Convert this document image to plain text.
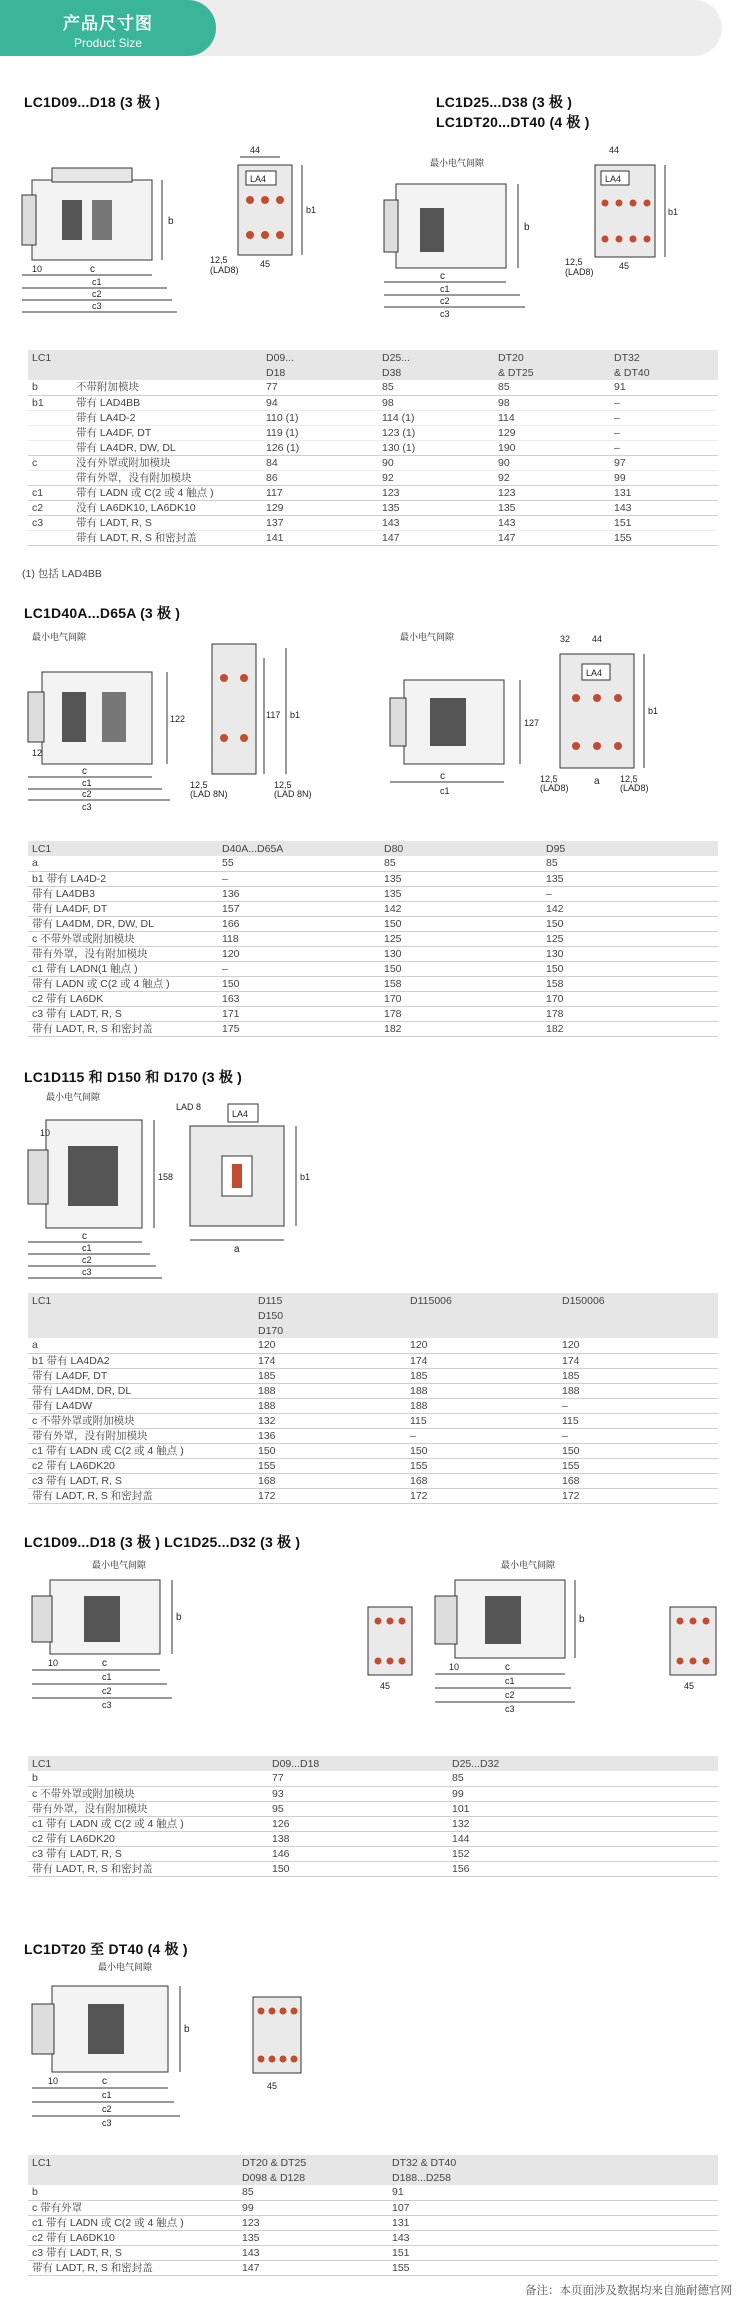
产品尺寸图
Product Size
LC1D09...D18 (3 极 )	LC1D25...D38 (3 极 )
LC1DT20...DT40 (4 极 )
b
10	c
c1
c2
c3
44
LA4
b1
12,5
(LAD8)
45
最小电气间隙
b
c
c1
c2
c3
44
LA4
b1
12,5
(LAD8)
45
LC1		D09...	D25...	DT20	DT32
		D18	D38	& DT25	& DT40
b	不带附加模块	77	85	85	91
b1	带有 LAD4BB	94	98	98	–
	带有 LA4D-2	110 (1)	114 (1)	114	–
	带有 LA4DF, DT	119 (1)	123 (1)	129	–
	带有 LA4DR, DW, DL	126 (1)	130 (1)	190	–
c	没有外罩或附加模块	84	90	90	97
	带有外罩，没有附加模块	86	92	92	99
c1	带有 LADN 或 C(2 或 4 触点 )	117	123	123	131
c2	没有 LA6DK10, LA6DK10	129	135	135	143
c3	带有 LADT, R, S	137	143	143	151
	带有 LADT, R, S 和密封盖	141	147	147	155
(1) 包括 LAD4BB
LC1D40A...D65A (3 极 )
最小电气间隙
122
12
c
c1
c2
c3
117 b1
12,5
(LAD 8N)
12,5
(LAD 8N)
最小电气间隙
127
c
c1
32 44
LA4
b1
12,5
(LAD8)
a 12,5
(LAD8)
LC1	D40A...D65A	D80	D95
a	55	85	85
b1 带有 LA4D-2	–	135	135
带有 LA4DB3	136	135	–
带有 LA4DF, DT	157	142	142
带有 LA4DM, DR, DW, DL	166	150	150
c 不带外罩或附加模块	118	125	125
带有外罩，没有附加模块	120	130	130
c1 带有 LADN(1 触点 )	–	150	150
带有 LADN 或 C(2 或 4 触点 )	150	158	158
c2 带有 LA6DK	163	170	170
c3 带有 LADT, R, S	171	178	178
带有 LADT, R, S 和密封盖	175	182	182
LC1D115 和 D150 和 D170 (3 极 )
最小电气间隙
158
10
c
c1
c2
c3
LAD 8
LA4
b1
a
LC1	D115	D115006	D150006
	D150		
	D170		
a	120	120	120
b1 带有 LA4DA2	174	174	174
带有 LA4DF, DT	185	185	185
带有 LA4DM, DR, DL	188	188	188
带有 LA4DW	188	188	–
c 不带外罩或附加模块	132	115	115
带有外罩，没有附加模块	136	–	–
c1 带有 LADN 或 C(2 或 4 触点 )	150	150	150
c2 带有 LA6DK20	155	155	155
c3 带有 LADT, R, S	168	168	168
带有 LADT, R, S 和密封盖	172	172	172
LC1D09...D18 (3 极 ) LC1D25...D32 (3 极 )
最小电气间隙
b
10	c
c1
c2
c3
45
最小电气间隙
b
10	c
c1
c2
c3
45
LC1	D09...D18	D25...D32
b	77	85
c 不带外罩或附加模块	93	99
带有外罩，没有附加模块	95	101
c1 带有 LADN 或 C(2 或 4 触点 )	126	132
c2 带有 LA6DK20	138	144
c3 带有 LADT, R, S	146	152
带有 LADT, R, S 和密封盖	150	156
LC1DT20 至 DT40 (4 极 )
最小电气间隙
b
10	c
c1
c2
c3
45
LC1	DT20 & DT25	DT32 & DT40
	D098 & D128	D188...D258
b	85	91
c 带有外罩	99	107
c1 带有 LADN 或 C(2 或 4 触点 )	123	131
c2 带有 LA6DK10	135	143
c3 带有 LADT, R, S	143	151
带有 LADT, R, S 和密封盖	147	155
备注：本页面涉及数据均来自施耐德官网
